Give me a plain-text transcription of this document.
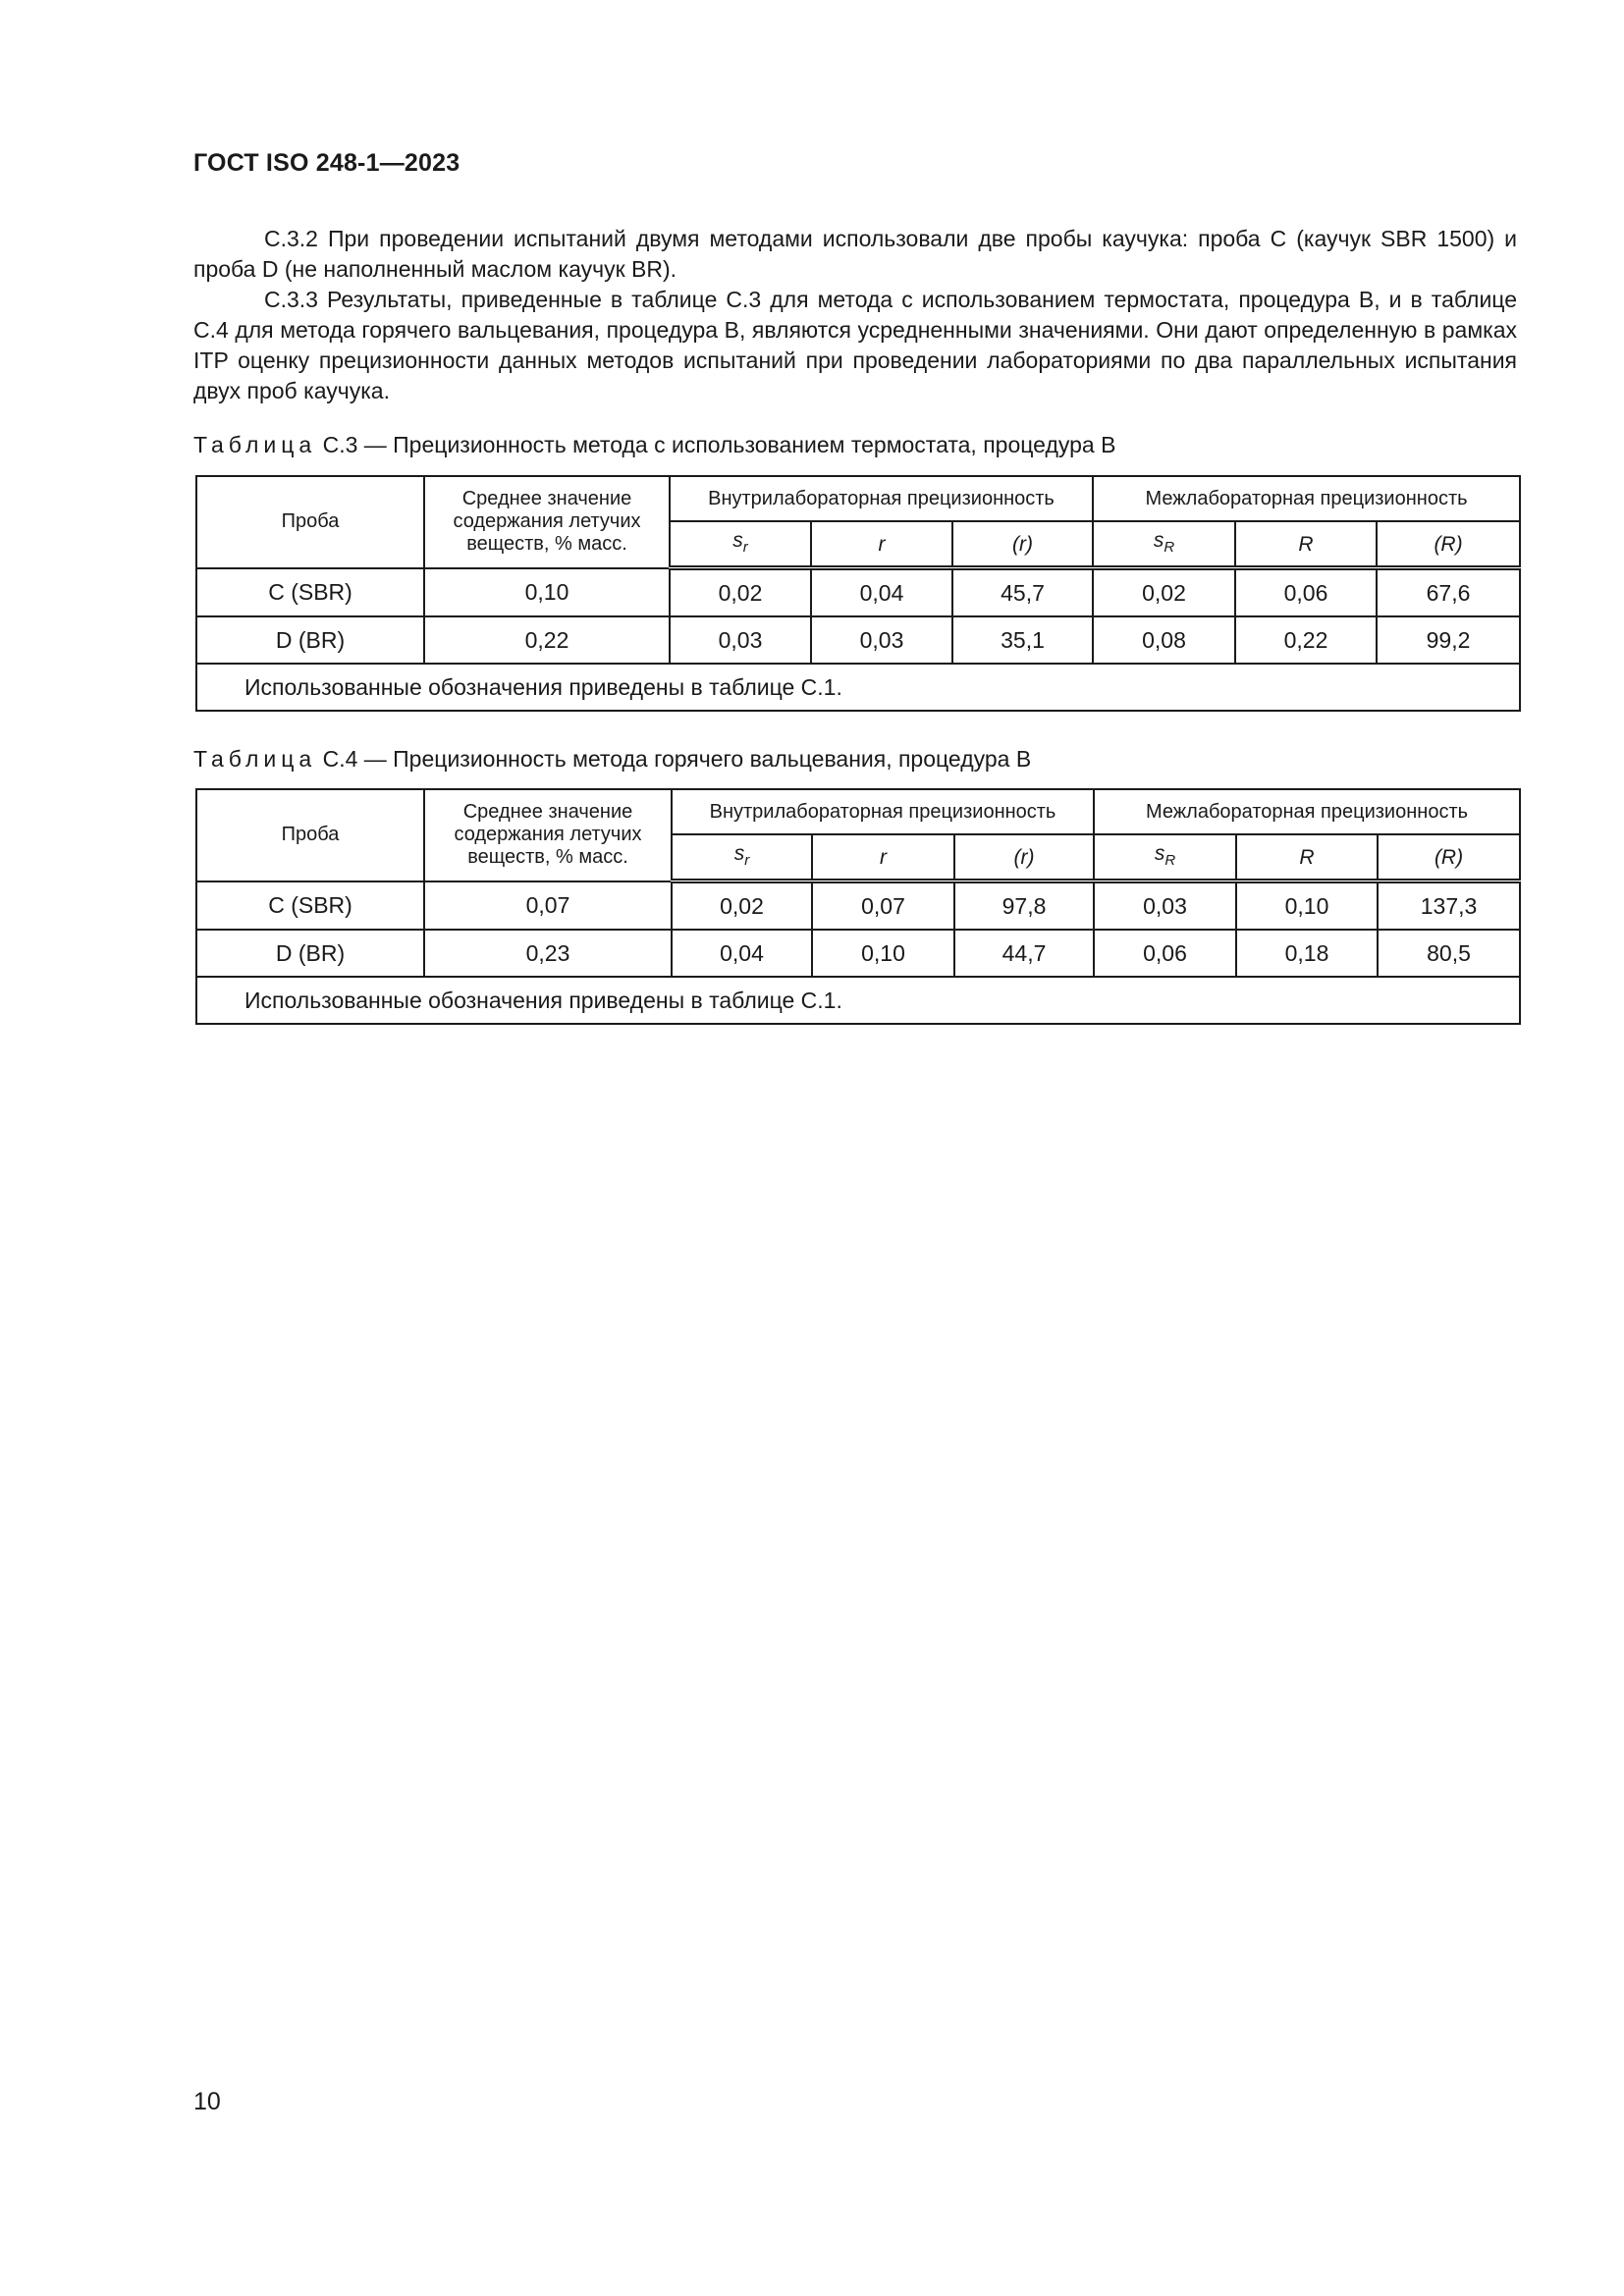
ГОСТ ISO 248-1—2023

С.3.2 При проведении испытаний двумя методами использовали две пробы каучука: проба С (каучук SBR 1500) и проба D (не наполненный маслом каучук BR).

С.3.3 Результаты, приведенные в таблице С.3 для метода с использованием термостата, процедура В, и в таблице С.4 для метода горячего вальцевания, процедура В, являются усредненными значениями. Они дают определенную в рамках ITP оценку прецизионности данных методов испытаний при проведении лабораториями по два параллельных испытания двух проб каучука.

Таблица С.3 — Прецизионность метода с использованием термостата, процедура В
Проба	Среднее значение содержания летучих веществ, % масс.	Внутрилабораторная прецизионность			Межлабораторная прецизионность		
		$s_r$	r	(r)	$s_R$	R	(R)
С (SBR)	0,10	0,02	0,04	45,7	0,02	0,06	67,6
D (BR)	0,22	0,03	0,03	35,1	0,08	0,22	99,2
Использованные обозначения приведены в таблице С.1.							
Таблица С.4 — Прецизионность метода горячего вальцевания, процедура В
Проба	Среднее значение содержания летучих веществ, % масс.	Внутрилабораторная прецизионность			Межлабораторная прецизионность		
		$s_r$	r	(r)	$s_R$	R	(R)
С (SBR)	0,07	0,02	0,07	97,8	0,03	0,10	137,3
D (BR)	0,23	0,04	0,10	44,7	0,06	0,18	80,5
Использованные обозначения приведены в таблице С.1.							
10
